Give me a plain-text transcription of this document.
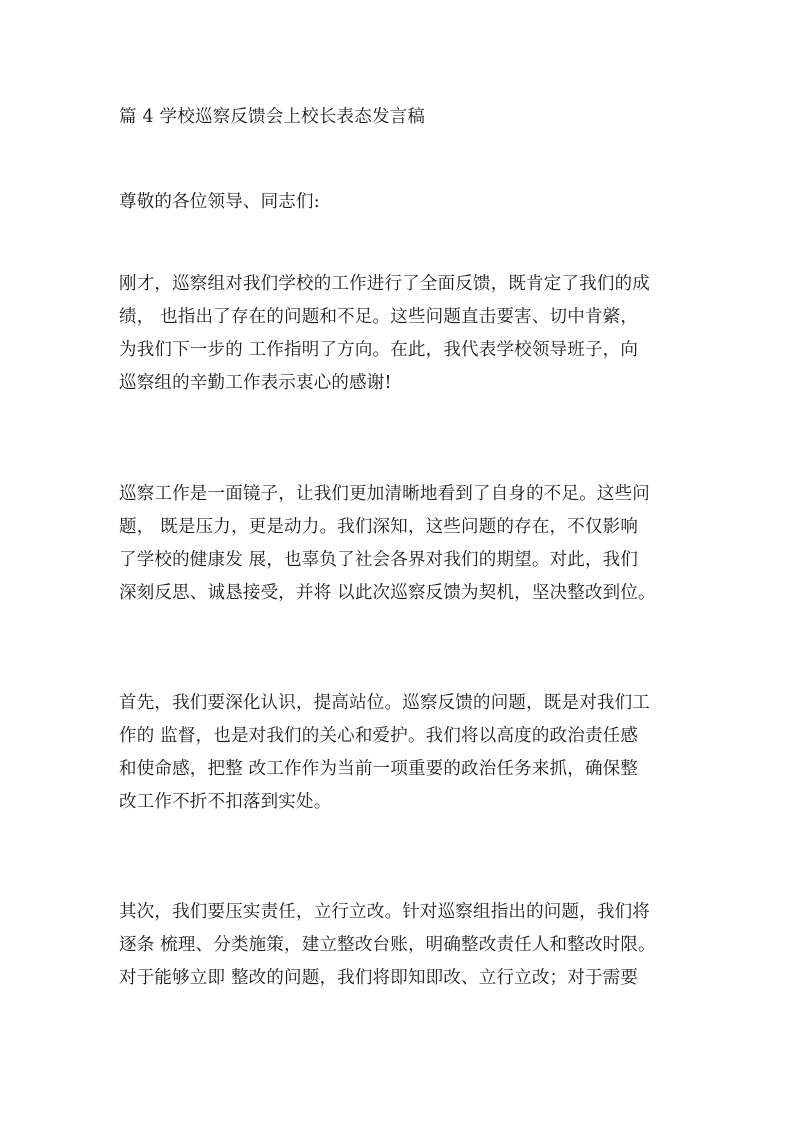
篇 4 学校巡察反馈会上校长表态发言稿
尊敬的各位领导、同志们:
刚才，巡察组对我们学校的工作进行了全面反馈，既肯定了我们的成
绩， 也指出了存在的问题和不足。这些问题直击要害、切中肯綮，
为我们下一步的 工作指明了方向。在此，我代表学校领导班子，向
巡察组的辛勤工作表示衷心的感谢!
巡察工作是一面镜子，让我们更加清晰地看到了自身的不足。这些问
题， 既是压力，更是动力。我们深知，这些问题的存在，不仅影响
了学校的健康发 展，也辜负了社会各界对我们的期望。对此，我们
深刻反思、诚恳接受，并将 以此次巡察反馈为契机，坚决整改到位。
首先，我们要深化认识，提高站位。巡察反馈的问题，既是对我们工
作的 监督，也是对我们的关心和爱护。我们将以高度的政治责任感
和使命感，把整 改工作作为当前一项重要的政治任务来抓，确保整
改工作不折不扣落到实处。
其次，我们要压实责任，立行立改。针对巡察组指出的问题，我们将
逐条 梳理、分类施策，建立整改台账，明确整改责任人和整改时限。
对于能够立即 整改的问题，我们将即知即改、立行立改；对于需要
